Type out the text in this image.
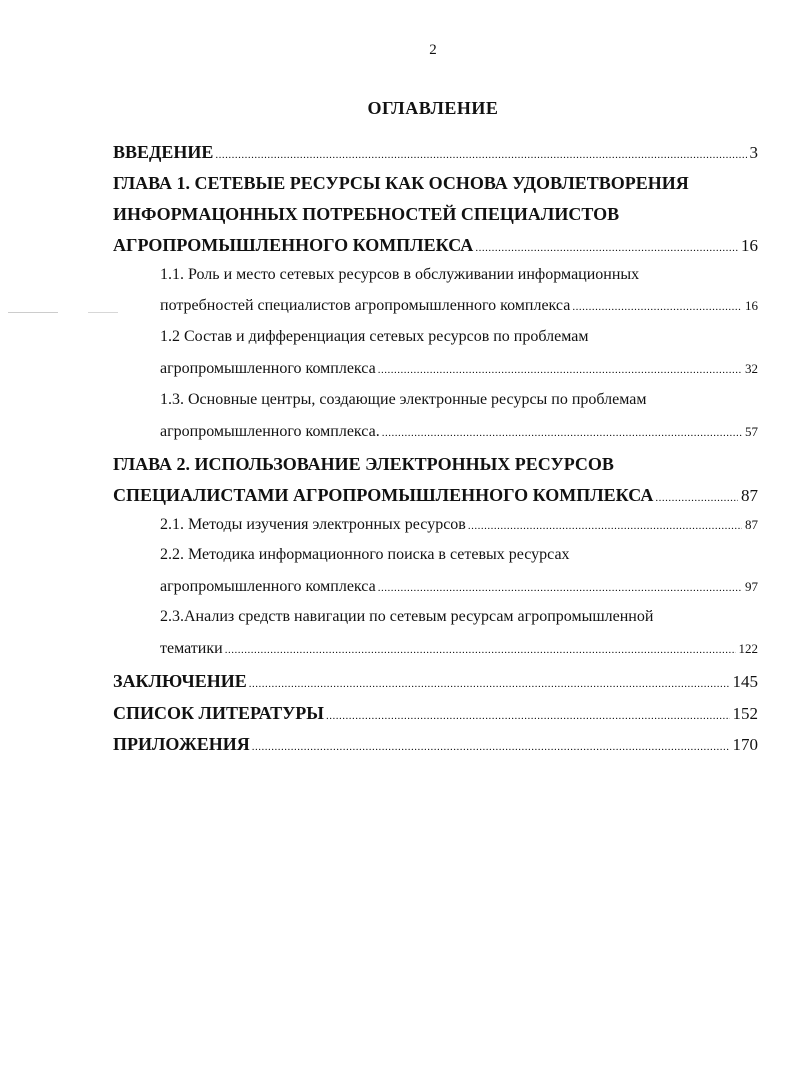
2
ОГЛАВЛЕНИЕ
ВВЕДЕНИЕ .....	3
ГЛАВА 1. СЕТЕВЫЕ РЕСУРСЫ КАК ОСНОВА УДОВЛЕТВОРЕНИЯ
ИНФОРМАЦОННЫХ ПОТРЕБНОСТЕЙ СПЕЦИАЛИСТОВ
АГРОПРОМЫШЛЕННОГО КОМПЛЕКСА .....	16
1.1. Роль и место сетевых ресурсов в обслуживании информационных
потребностей специалистов агропромышленного комплекса .....	16
1.2 Состав и дифференциация сетевых ресурсов по проблемам
агропромышленного комплекса .....	32
1.3. Основные центры, создающие электронные ресурсы по проблемам
агропромышленного комплекса. .....	57
ГЛАВА 2. ИСПОЛЬЗОВАНИЕ ЭЛЕКТРОННЫХ РЕСУРСОВ
СПЕЦИАЛИСТАМИ АГРОПРОМЫШЛЕННОГО КОМПЛЕКСА .....	87
2.1. Методы изучения электронных ресурсов .....	87
2.2. Методика информационного поиска в сетевых ресурсах
агропромышленного комплекса .....	97
2.3.Анализ средств навигации по сетевым ресурсам агропромышленной
тематики .....	122
ЗАКЛЮЧЕНИЕ .....	145
СПИСОК ЛИТЕРАТУРЫ .....	152
ПРИЛОЖЕНИЯ .....	170
